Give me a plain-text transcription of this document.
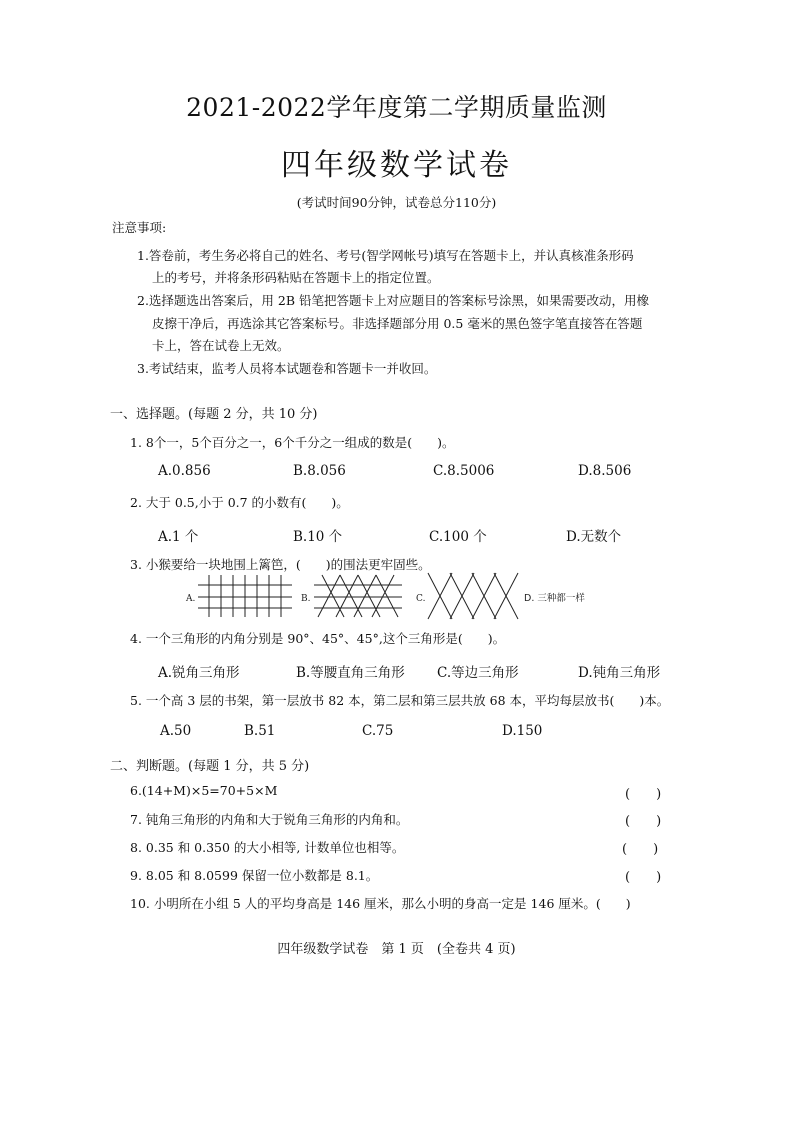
2021-2022学年度第二学期质量监测
四年级数学试卷
(考试时间90分钟，试卷总分110分)
注意事项:
1.答卷前，考生务必将自己的姓名、考号(智学网帐号)填写在答题卡上，并认真核准条形码
上的考号，并将条形码粘贴在答题卡上的指定位置。
2.选择题选出答案后，用 2B 铅笔把答题卡上对应题目的答案标号涂黑，如果需要改动，用橡
皮擦干净后，再选涂其它答案标号。非选择题部分用 0.5 毫米的黑色签字笔直接答在答题
卡上，答在试卷上无效。
3.考试结束，监考人员将本试题卷和答题卡一并收回。
一、选择题。(每题 2 分，共 10 分)
1. 8个一，5个百分之一，6个千分之一组成的数是(　　)。
A.0.856	B.8.056	C.8.5006	D.8.506
2. 大于 0.5,小于 0.7 的小数有(　　)。
A.1 个	B.10 个	C.100 个	D.无数个
3. 小猴要给一块地围上篱笆，(　　)的围法更牢固些。
A.	B.	C.	D. 三种都一样
4. 一个三角形的内角分别是 90°、45°、45°,这个三角形是(　　)。
A.锐角三角形	B.等腰直角三角形 C.等边三角形	D.钝角三角形
5. 一个高 3 层的书架，第一层放书 82 本，第二层和第三层共放 68 本，平均每层放书(　　)本。
A.50	B.51	C.75	D.150
二、判断题。(每题 1 分，共 5 分)
6.(14+M)×5=70+5×M	(　　)
7. 钝角三角形的内角和大于锐角三角形的内角和。	(　　)
8. 0.35 和 0.350 的大小相等, 计数单位也相等。	(　　)
9. 8.05 和 8.0599 保留一位小数都是 8.1。	(　　)
10. 小明所在小组 5 人的平均身高是 146 厘米，那么小明的身高一定是 146 厘米。(　　)
四年级数学试卷　第 1 页　(全卷共 4 页)
